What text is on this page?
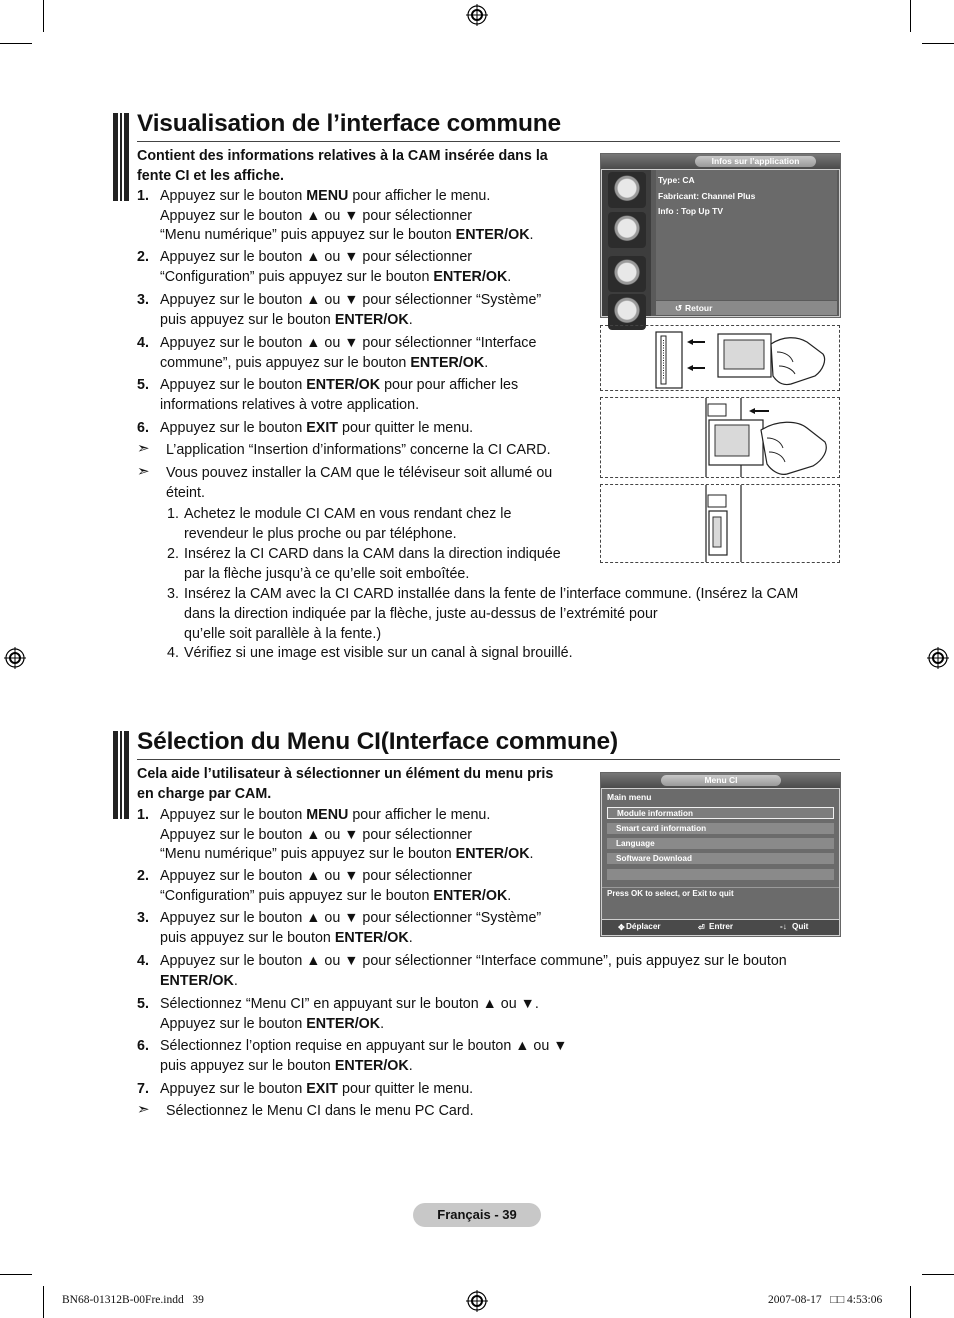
Visualisation de l’interface commune
Contient des informations relatives à la CAM insérée dans la
fente CI et les affiche.
1. Appuyez sur le bouton MENU pour afficher le menu.
Appuyez sur le bouton ▲ ou ▼ pour sélectionner
“Menu numérique” puis appuyez sur le bouton ENTER/OK.
2. Appuyez sur le bouton ▲ ou ▼ pour sélectionner
“Configuration” puis appuyez sur le bouton ENTER/OK.
3. Appuyez sur le bouton ▲ ou ▼ pour sélectionner “Système”
puis appuyez sur le bouton ENTER/OK.
4. Appuyez sur le bouton ▲ ou ▼ pour sélectionner “Interface
commune”, puis appuyez sur le bouton ENTER/OK.
5. Appuyez sur le bouton ENTER/OK pour pour afficher les
informations relatives à votre application.
6. Appuyez sur le bouton EXIT pour quitter le menu.
Infos sur l’application
Type: CA
Fabricant: Channel Plus
Info : Top Up TV
↺ Retour
➣ L’application “Insertion d’informations” concerne la CI CARD.
➣ Vous pouvez installer la CAM que le téléviseur soit allumé ou
éteint.
1. Achetez le module CI CAM en vous rendant chez le
revendeur le plus proche ou par téléphone.
2. Insérez la CI CARD dans la CAM dans la direction indiquée
par la flèche jusqu’à ce qu’elle soit emboîtée.
3. Insérez la CAM avec la CI CARD installée dans la fente de l’interface commune. (Insérez la CAM
dans la direction indiquée par la flèche, juste au-dessus de l’extrémité pour
qu’elle soit parallèle à la fente.)
4. Vérifiez si une image est visible sur un canal à signal brouillé.
Sélection du Menu CI(Interface commune)
Cela aide l’utilisateur à sélectionner un élément du menu pris
en charge par CAM.
1. Appuyez sur le bouton MENU pour afficher le menu.
Appuyez sur le bouton ▲ ou ▼ pour sélectionner
“Menu numérique” puis appuyez sur le bouton ENTER/OK.
2. Appuyez sur le bouton ▲ ou ▼ pour sélectionner
“Configuration” puis appuyez sur le bouton ENTER/OK.
3. Appuyez sur le bouton ▲ ou ▼ pour sélectionner “Système”
puis appuyez sur le bouton ENTER/OK.
4. Appuyez sur le bouton ▲ ou ▼ pour sélectionner “Interface commune”, puis appuyez sur le bouton
ENTER/OK.
5. Sélectionnez “Menu CI” en appuyant sur le bouton ▲ ou ▼.
Appuyez sur le bouton ENTER/OK.
6. Sélectionnez l’option requise en appuyant sur le bouton ▲ ou ▼
puis appuyez sur le bouton ENTER/OK.
7. Appuyez sur le bouton EXIT pour quitter le menu.
➣ Sélectionnez le Menu CI dans le menu PC Card.
Menu CI
Main menu
Module information
Smart card information
Language
Software Download
Press OK to select, or Exit to quit
✥ Déplacer	⏎ Entrer	-↓ Quit
Français - 39
BN68-01312B-00Fre.indd   39	2007-08-17   □□ 4:53:06
